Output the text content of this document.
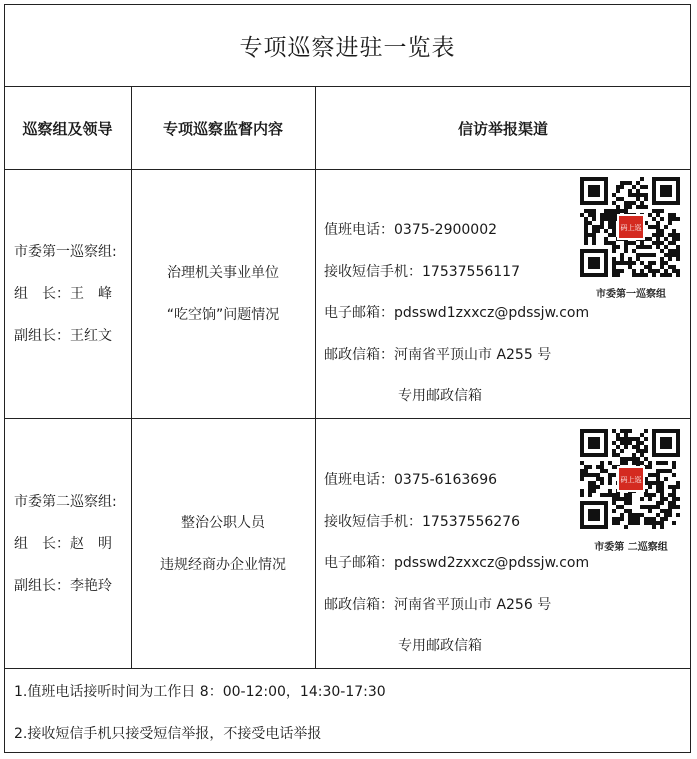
专项巡察进驻一览表
巡察组及领导	专项巡察监督内容	信访举报渠道
市委第一巡察组:
组　长：王　峰
副组长：王红文
治理机关事业单位
“吃空饷”问题情况
值班电话：0375-2900002
接收短信手机：17537556117
电子邮箱：pdsswd1zxxcz@pdssjw.com
邮政信箱：河南省平顶山市 A255 号
专用邮政信箱
码上巡
市委第一巡察组
市委第二巡察组:
组　长：赵　明
副组长：李艳玲
整治公职人员
违规经商办企业情况
值班电话：0375-6163696
接收短信手机：17537556276
电子邮箱：pdsswd2zxxcz@pdssjw.com
邮政信箱：河南省平顶山市 A256 号
专用邮政信箱
码上巡
市委第 二巡察组
1.值班电话接听时间为工作日 8：00-12:00，14:30-17:30
2.接收短信手机只接受短信举报，不接受电话举报
